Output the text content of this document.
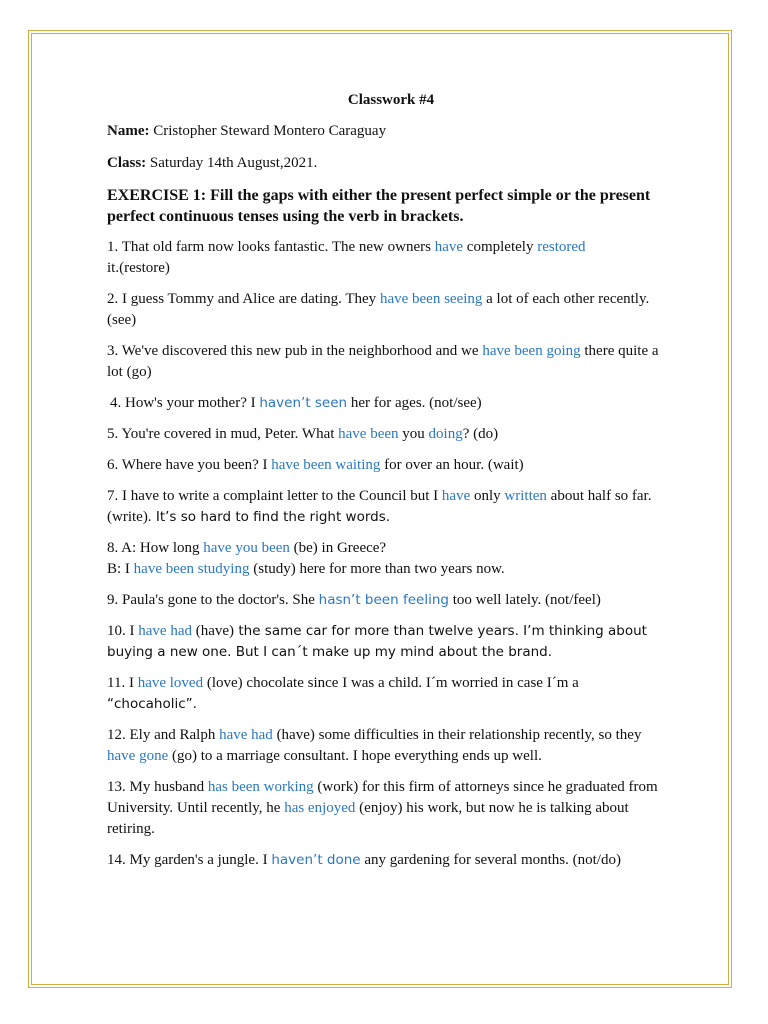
Classwork #4
Name: Cristopher Steward Montero Caraguay
Class: Saturday 14th August,2021.
EXERCISE 1: Fill the gaps with either the present perfect simple or the present perfect continuous tenses using the verb in brackets.
1. That old farm now looks fantastic. The new owners have completely restored
it.(restore)
2. I guess Tommy and Alice are dating. They have been seeing a lot of each other recently. (see)
3. We've discovered this new pub in the neighborhood and we have been going there quite a lot (go)
4. How's your mother? I haven’t seen her for ages. (not/see)
5. You're covered in mud, Peter. What have been you doing? (do)
6. Where have you been? I have been waiting for over an hour. (wait)
7. I have to write a complaint letter to the Council but I have only written about half so far.(write). It’s so hard to find the right words.
8. A: How long have you been (be) in Greece?
B: I have been studying (study) here for more than two years now.
9. Paula's gone to the doctor's. She hasn’t been feeling too well lately. (not/feel)
10. I have had (have) the same car for more than twelve years. I’m thinking about buying a new one. But I can´t make up my mind about the brand.
11. I have loved (love) chocolate since I was a child. I´m worried in case I´m a
“chocaholic”.
12. Ely and Ralph have had (have) some difficulties in their relationship recently, so they have gone (go) to a marriage consultant. I hope everything ends up well.
13. My husband has been working (work) for this firm of attorneys since he graduated from University. Until recently, he has enjoyed (enjoy) his work, but now he is talking about retiring.
14. My garden's a jungle. I haven’t done any gardening for several months. (not/do)
